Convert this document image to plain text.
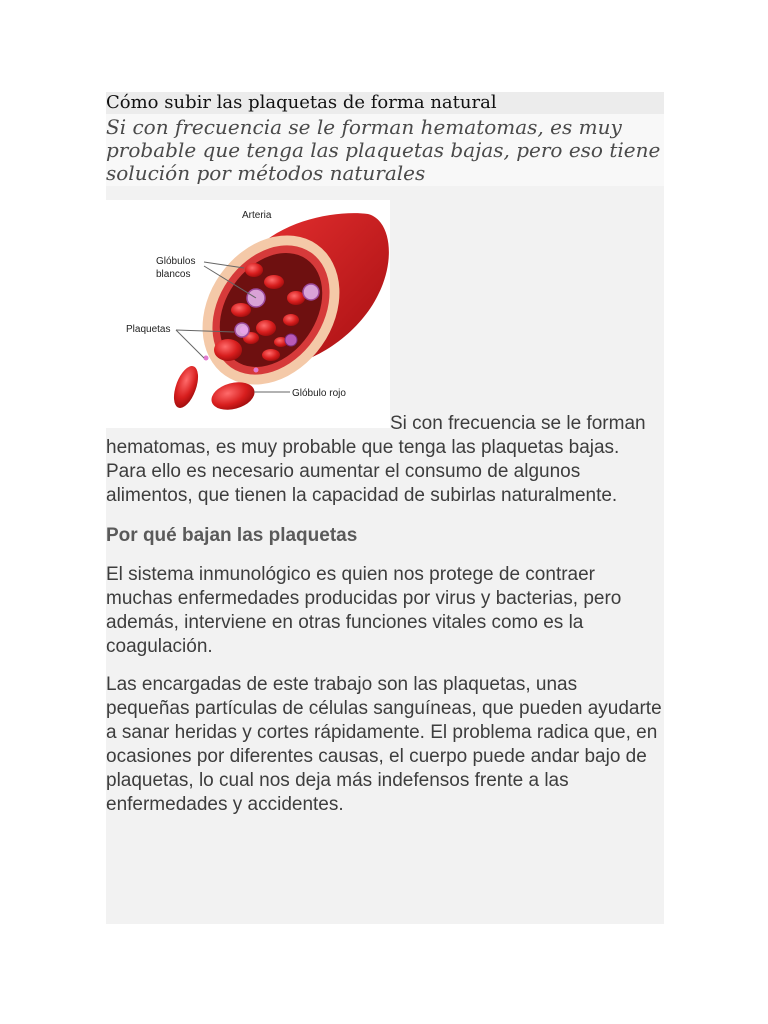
Cómo subir las plaquetas de forma natural
Si con frecuencia se le forman hematomas, es muy probable que tenga las plaquetas bajas, pero eso tiene solución por métodos naturales
Arteria
Glóbulos
blancos
Plaquetas
Glóbulo rojo
Si con frecuencia se le forman
hematomas, es muy probable que tenga las plaquetas bajas. Para ello es necesario aumentar el consumo de algunos alimentos, que tienen la capacidad de subirlas naturalmente.
Por qué bajan las plaquetas
El sistema inmunológico es quien nos protege de contraer muchas enfermedades producidas por virus y bacterias, pero además, interviene en otras funciones vitales como es la coagulación.
Las encargadas de este trabajo son las plaquetas, unas pequeñas partículas de células sanguíneas, que pueden ayudarte a sanar heridas y cortes rápidamente. El problema radica que, en ocasiones por diferentes causas, el cuerpo puede andar bajo de plaquetas, lo cual nos deja más indefensos frente a las enfermedades y accidentes.
